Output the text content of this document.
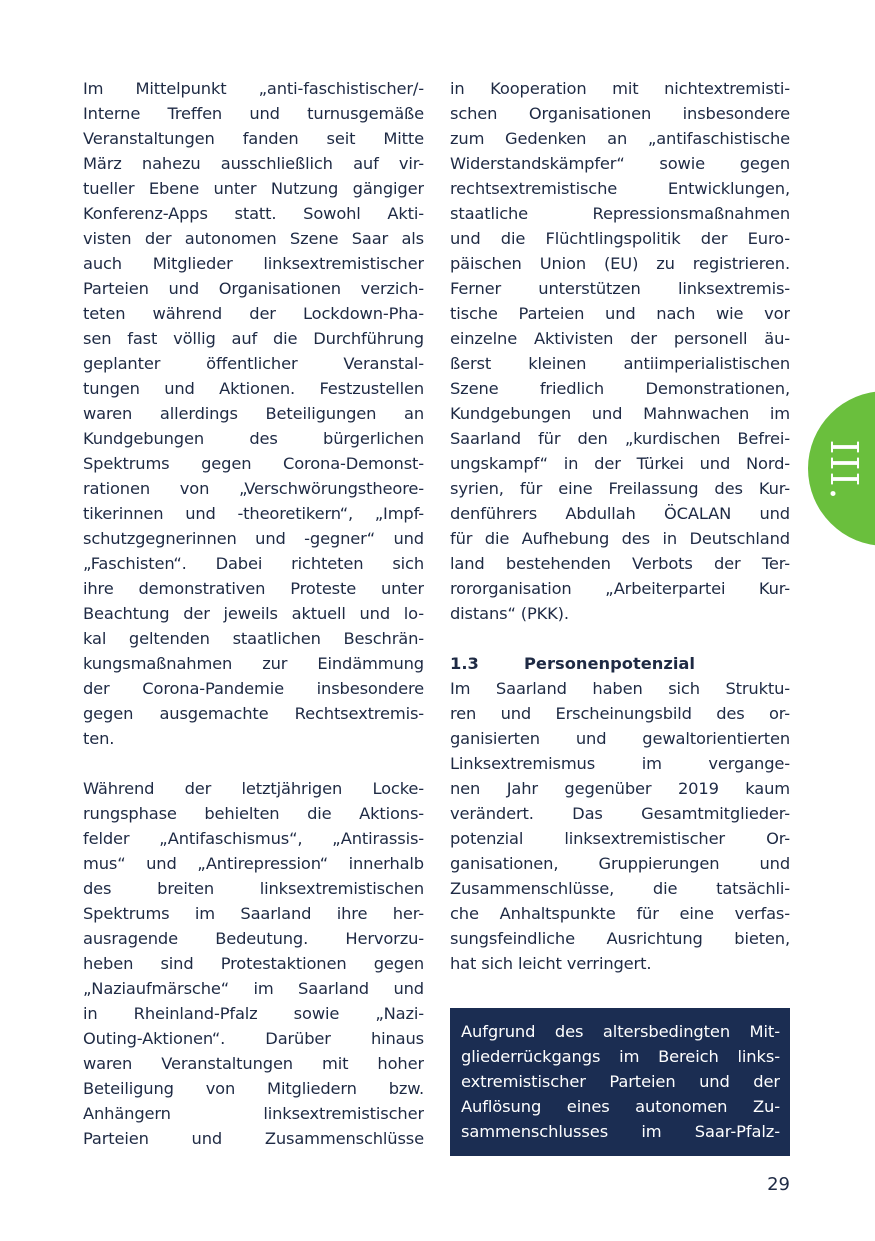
Im Mittelpunkt „anti-faschistischer/-
Interne Treffen und turnusgemäße
Veranstaltungen fanden seit Mitte
März nahezu ausschließlich auf vir-
tueller Ebene unter Nutzung gängiger
Konferenz-Apps statt. Sowohl Akti-
visten der autonomen Szene Saar als
auch Mitglieder linksextremistischer
Parteien und Organisationen verzich-
teten während der Lockdown-Pha-
sen fast völlig auf die Durchführung
geplanter öffentlicher Veranstal-
tungen und Aktionen. Festzustellen
waren allerdings Beteiligungen an
Kundgebungen des bürgerlichen
Spektrums gegen Corona-Demonst-
rationen von „Verschwörungstheore-
tikerinnen und -theoretikern“, „Impf-
schutzgegnerinnen und -gegner“ und
„Faschisten“. Dabei richteten sich
ihre demonstrativen Proteste unter
Beachtung der jeweils aktuell und lo-
kal geltenden staatlichen Beschrän-
kungsmaßnahmen zur Eindämmung
der Corona-Pandemie insbesondere
gegen ausgemachte Rechtsextremis-
ten.
Während der letztjährigen Locke-
rungsphase behielten die Aktions-
felder „Antifaschismus“, „Antirassis-
mus“ und „Antirepression“ innerhalb
des breiten linksextremistischen
Spektrums im Saarland ihre her-
ausragende Bedeutung. Hervorzu-
heben sind Protestaktionen gegen
„Naziaufmärsche“ im Saarland und
in Rheinland-Pfalz sowie „Nazi-
Outing-Aktionen“. Darüber hinaus
waren Veranstaltungen mit hoher
Beteiligung von Mitgliedern bzw.
Anhängern linksextremistischer
Parteien und Zusammenschlüsse
in Kooperation mit nichtextremisti-
schen Organisationen insbesondere
zum Gedenken an „antifaschistische
Widerstandskämpfer“ sowie gegen
rechtsextremistische Entwicklungen,
staatliche Repressionsmaßnahmen
und die Flüchtlingspolitik der Euro-
päischen Union (EU) zu registrieren.
Ferner unterstützen linksextremis-
tische Parteien und nach wie vor
einzelne Aktivisten der personell äu-
ßerst kleinen antiimperialistischen
Szene friedlich Demonstrationen,
Kundgebungen und Mahnwachen im
Saarland für den „kurdischen Befrei-
ungskampf“ in der Türkei und Nord-
syrien, für eine Freilassung des Kur-
denführers Abdullah ÖCALAN und
für die Aufhebung des in Deutschland
land bestehenden Verbots der Ter-
rororganisation „Arbeiterpartei Kur-
distans“ (PKK).
1.3	Personenpotenzial
Im Saarland haben sich Struktu-
ren und Erscheinungsbild des or-
ganisierten und gewaltorientierten
Linksextremismus im vergange-
nen Jahr gegenüber 2019 kaum
verändert. Das Gesamtmitglieder-
potenzial linksextremistischer Or-
ganisationen, Gruppierungen und
Zusammenschlüsse, die tatsächli-
che Anhaltspunkte für eine verfas-
sungsfeindliche Ausrichtung bieten,
hat sich leicht verringert.
Aufgrund des altersbedingten Mit-
gliederrückgangs im Bereich links-
extremistischer Parteien und der
Auflösung eines autonomen Zu-
sammenschlusses im Saar-Pfalz-
III.
29
